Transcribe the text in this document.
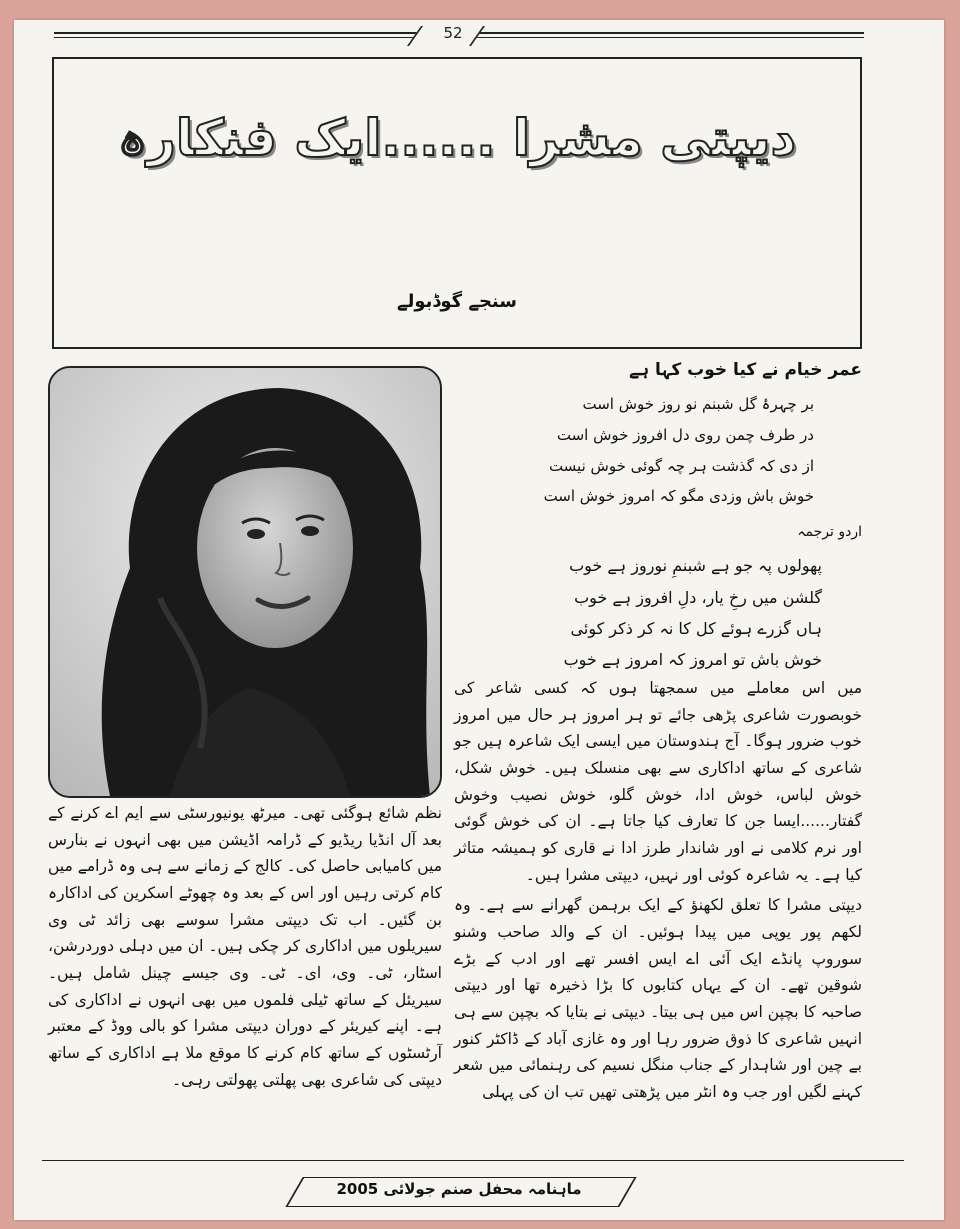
52
دیپتی مشرا ......ایک فنکارہ
سنجے گوڈبولے
عمر خیام نے کیا خوب کہا ہے
بر چہرۂ گل شبنم نو روز خوش است
در طرف چمن روی دل افروز خوش است
از دی کہ گذشت ہر چہ گوئی خوش نیست
خوش باش وزدی مگو کہ امروز خوش است
اردو ترجمہ
پھولوں پہ جو ہے شبنمِ نوروز ہے خوب
گلشن میں رخِ یار، دلِ افروز ہے خوب
ہاں گزرے ہوئے کل کا نہ کر ذکر کوئی
خوش باش تو امروز کہ امروز ہے خوب

میں اس معاملے میں سمجھتا ہوں کہ کسی شاعر کی خوبصورت شاعری پڑھی جائے تو ہر امروز ہر حال میں امروز خوب ضرور ہوگا۔ آج ہندوستان میں ایسی ایک شاعرہ ہیں جو شاعری کے ساتھ اداکاری سے بھی منسلک ہیں۔ خوش شکل، خوش لباس، خوش ادا، خوش گلو، خوش نصیب وخوش گفتار......ایسا جن کا تعارف کیا جاتا ہے۔ ان کی خوش گوئی اور نرم کلامی نے اور شاندار طرز ادا نے قاری کو ہمیشہ متاثر کیا ہے۔ یہ شاعرہ کوئی اور نہیں، دیپتی مشرا ہیں۔

دیپتی مشرا کا تعلق لکھنؤ کے ایک برہمن گھرانے سے ہے۔ وہ لکھم پور یوپی میں پیدا ہوئیں۔ ان کے والد صاحب وشنو سوروپ پانڈے ایک آئی اے ایس افسر تھے اور ادب کے بڑے شوقین تھے۔ ان کے یہاں کتابوں کا بڑا ذخیرہ تھا اور دیپتی صاحبہ کا بچپن اس میں ہی بیتا۔ دیپتی نے بتایا کہ بچپن سے ہی انہیں شاعری کا ذوق ضرور رہا اور وہ غازی آباد کے ڈاکٹر کنور بے چین اور شاہدار کے جناب منگل نسیم کی رہنمائی میں شعر کہنے لگیں اور جب وہ انٹر میں پڑھتی تھیں تب ان کی پہلی

نظم شائع ہوگئی تھی۔ میرٹھ یونیورسٹی سے ایم اے کرنے کے بعد آل انڈیا ریڈیو کے ڈرامہ اڈیشن میں بھی انہوں نے بنارس میں کامیابی حاصل کی۔ کالج کے زمانے سے ہی وہ ڈرامے میں کام کرتی رہیں اور اس کے بعد وہ چھوٹے اسکرین کی اداکارہ بن گئیں۔ اب تک دیپتی مشرا سوسے بھی زائد ٹی وی سیریلوں میں اداکاری کر چکی ہیں۔ ان میں دہلی دوردرشن، اسٹار، ٹی۔ وی، ای۔ ٹی۔ وی جیسے چینل شامل ہیں۔ سیریئل کے ساتھ ٹیلی فلموں میں بھی انہوں نے اداکاری کی ہے۔ اپنے کیریئر کے دوران دیپتی مشرا کو بالی ووڈ کے معتبر آرٹسٹوں کے ساتھ کام کرنے کا موقع ملا ہے اداکاری کے ساتھ دیپتی کی شاعری بھی پھلتی پھولتی رہی۔

ماہنامہ محفل صنم جولائی 2005
